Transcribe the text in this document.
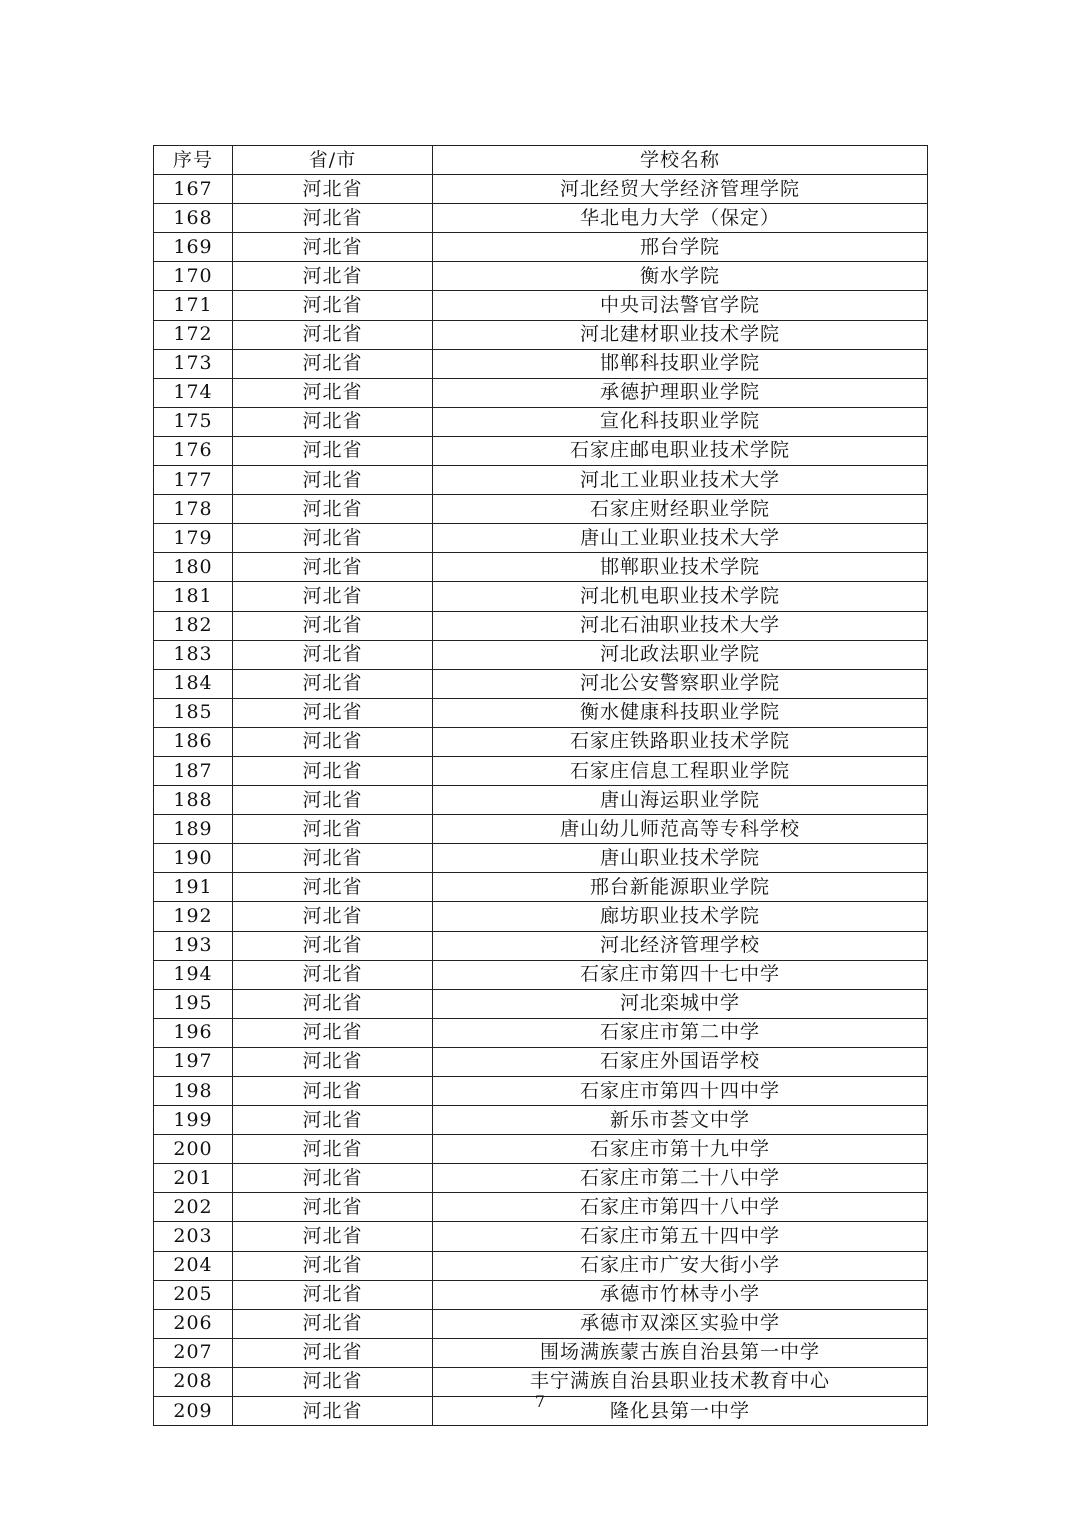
序号	省/市	学校名称
167	河北省	河北经贸大学经济管理学院
168	河北省	华北电力大学（保定）
169	河北省	邢台学院
170	河北省	衡水学院
171	河北省	中央司法警官学院
172	河北省	河北建材职业技术学院
173	河北省	邯郸科技职业学院
174	河北省	承德护理职业学院
175	河北省	宣化科技职业学院
176	河北省	石家庄邮电职业技术学院
177	河北省	河北工业职业技术大学
178	河北省	石家庄财经职业学院
179	河北省	唐山工业职业技术大学
180	河北省	邯郸职业技术学院
181	河北省	河北机电职业技术学院
182	河北省	河北石油职业技术大学
183	河北省	河北政法职业学院
184	河北省	河北公安警察职业学院
185	河北省	衡水健康科技职业学院
186	河北省	石家庄铁路职业技术学院
187	河北省	石家庄信息工程职业学院
188	河北省	唐山海运职业学院
189	河北省	唐山幼儿师范高等专科学校
190	河北省	唐山职业技术学院
191	河北省	邢台新能源职业学院
192	河北省	廊坊职业技术学院
193	河北省	河北经济管理学校
194	河北省	石家庄市第四十七中学
195	河北省	河北栾城中学
196	河北省	石家庄市第二中学
197	河北省	石家庄外国语学校
198	河北省	石家庄市第四十四中学
199	河北省	新乐市荟文中学
200	河北省	石家庄市第十九中学
201	河北省	石家庄市第二十八中学
202	河北省	石家庄市第四十八中学
203	河北省	石家庄市第五十四中学
204	河北省	石家庄市广安大街小学
205	河北省	承德市竹林寺小学
206	河北省	承德市双滦区实验中学
207	河北省	围场满族蒙古族自治县第一中学
208	河北省	丰宁满族自治县职业技术教育中心
209	河北省	隆化县第一中学
7
